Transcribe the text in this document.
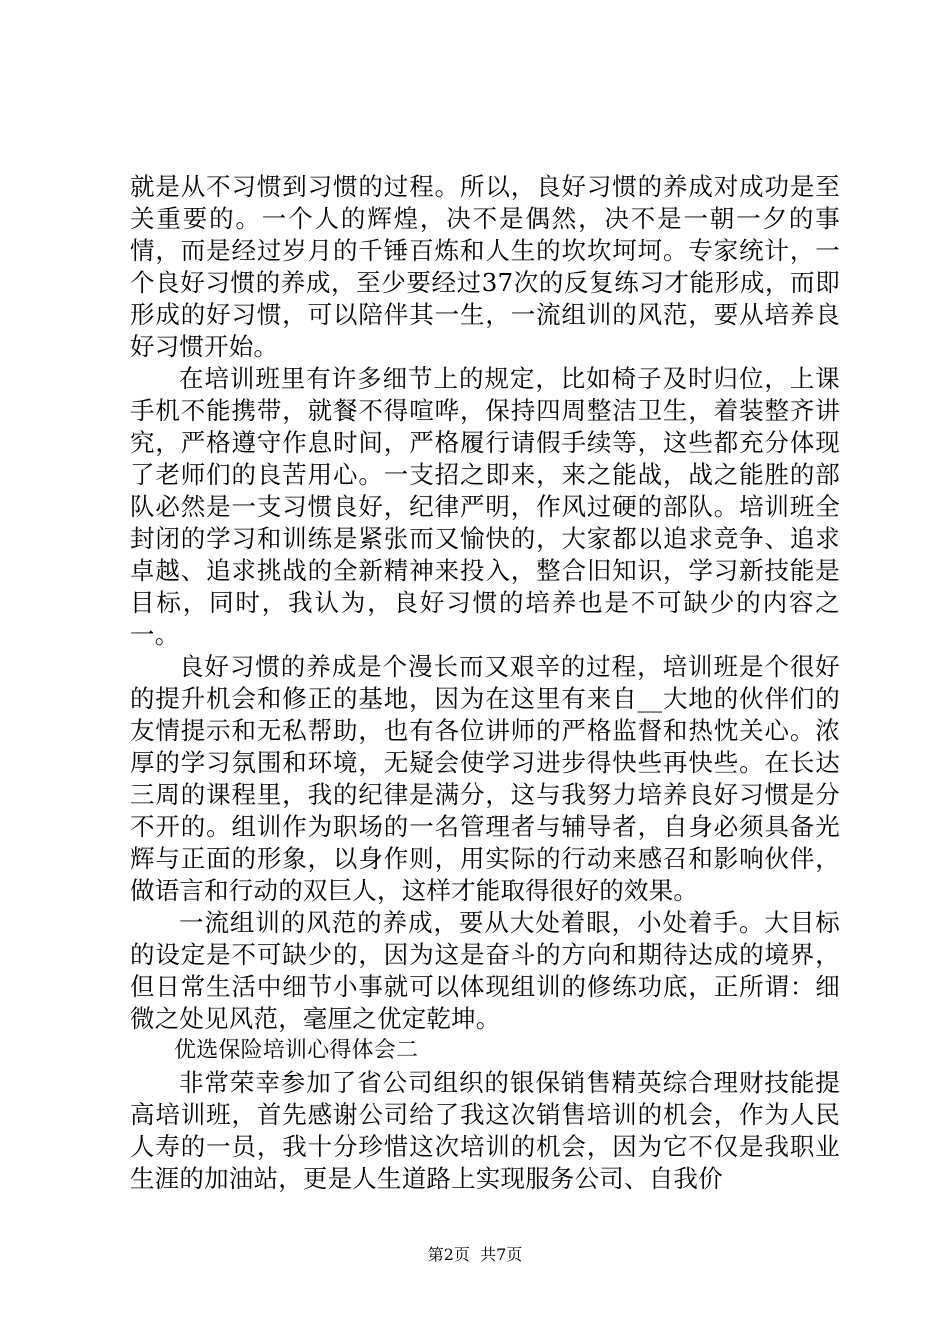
就是从不习惯到习惯的过程。所以，良好习惯的养成对成功是至关重要的。一个人的辉煌，决不是偶然，决不是一朝一夕的事情，而是经过岁月的千锤百炼和人生的坎坎坷坷。专家统计，一个良好习惯的养成，至少要经过37次的反复练习才能形成，而即形成的好习惯，可以陪伴其一生，一流组训的风范，要从培养良好习惯开始。

在培训班里有许多细节上的规定，比如椅子及时归位，上课手机不能携带，就餐不得喧哗，保持四周整洁卫生，着装整齐讲究，严格遵守作息时间，严格履行请假手续等，这些都充分体现了老师们的良苦用心。一支招之即来，来之能战，战之能胜的部队必然是一支习惯良好，纪律严明，作风过硬的部队。培训班全封闭的学习和训练是紧张而又愉快的，大家都以追求竞争、追求卓越、追求挑战的全新精神来投入，整合旧知识，学习新技能是目标，同时，我认为，良好习惯的培养也是不可缺少的内容之一。

良好习惯的养成是个漫长而又艰辛的过程，培训班是个很好的提升机会和修正的基地，因为在这里有来自__大地的伙伴们的友情提示和无私帮助，也有各位讲师的严格监督和热忱关心。浓厚的学习氛围和环境，无疑会使学习进步得快些再快些。在长达三周的课程里，我的纪律是满分，这与我努力培养良好习惯是分不开的。组训作为职场的一名管理者与辅导者，自身必须具备光辉与正面的形象，以身作则，用实际的行动来感召和影响伙伴，做语言和行动的双巨人，这样才能取得很好的效果。

一流组训的风范的养成，要从大处着眼，小处着手。大目标的设定是不可缺少的，因为这是奋斗的方向和期待达成的境界，但日常生活中细节小事就可以体现组训的修练功底，正所谓：细微之处见风范，毫厘之优定乾坤。

优选保险培训心得体会二

非常荣幸参加了省公司组织的银保销售精英综合理财技能提高培训班，首先感谢公司给了我这次销售培训的机会，作为人民人寿的一员，我十分珍惜这次培训的机会，因为它不仅是我职业生涯的加油站，更是人生道路上实现服务公司、自我价

第2页  共7页
